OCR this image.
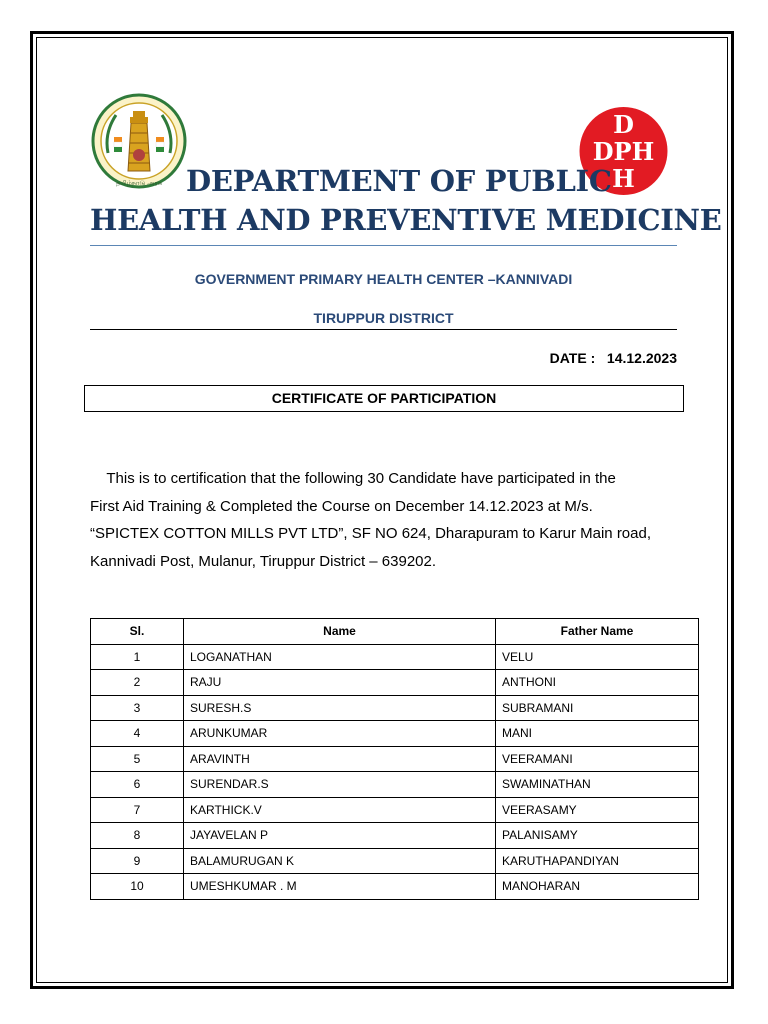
தமிழ்நாடு அரசு
D
DPH
H
DEPARTMENT OF PUBLIC
HEALTH AND PREVENTIVE MEDICINE
GOVERNMENT PRIMARY HEALTH CENTER –KANNIVADI
TIRUPPUR DISTRICT
DATE :   14.12.2023
CERTIFICATE OF PARTICIPATION

This is to certification that the following 30 Candidate have participated in the

First Aid Training & Completed the Course on December 14.12.2023 at M/s.

“SPICTEX COTTON MILLS PVT LTD”, SF NO 624, Dharapuram to Karur Main road,

Kannivadi Post, Mulanur, Tiruppur District – 639202.

Sl.	Name	Father Name
1	LOGANATHAN	VELU
2	RAJU	ANTHONI
3	SURESH.S	SUBRAMANI
4	ARUNKUMAR	MANI
5	ARAVINTH	VEERAMANI
6	SURENDAR.S	SWAMINATHAN
7	KARTHICK.V	VEERASAMY
8	JAYAVELAN P	PALANISAMY
9	BALAMURUGAN K	KARUTHAPANDIYAN
10	UMESHKUMAR . M	MANOHARAN
